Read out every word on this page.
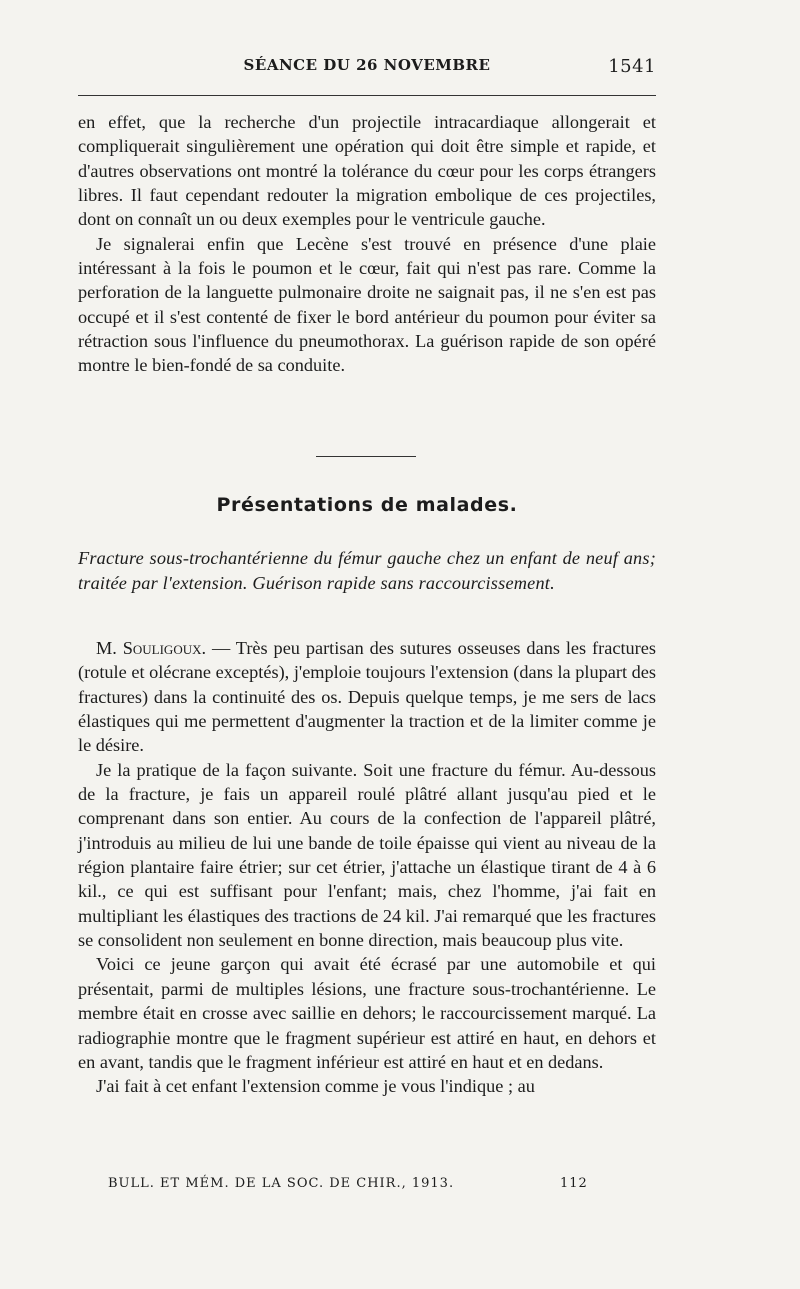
SÉANCE DU 26 NOVEMBRE	1541

en effet, que la recherche d'un projectile intracardiaque allongerait et compliquerait singulièrement une opération qui doit être simple et rapide, et d'autres observations ont montré la tolérance du cœur pour les corps étrangers libres. Il faut cependant redouter la migration embolique de ces projectiles, dont on connaît un ou deux exemples pour le ventricule gauche.

Je signalerai enfin que Lecène s'est trouvé en présence d'une plaie intéressant à la fois le poumon et le cœur, fait qui n'est pas rare. Comme la perforation de la languette pulmonaire droite ne saignait pas, il ne s'en est pas occupé et il s'est contenté de fixer le bord antérieur du poumon pour éviter sa rétraction sous l'influence du pneumothorax. La guérison rapide de son opéré montre le bien-fondé de sa conduite.

Présentations de malades.
Fracture sous-trochantérienne du fémur gauche chez un enfant de neuf ans; traitée par l'extension. Guérison rapide sans raccourcissement.

M. Souligoux. — Très peu partisan des sutures osseuses dans les fractures (rotule et olécrane exceptés), j'emploie toujours l'extension (dans la plupart des fractures) dans la continuité des os. Depuis quelque temps, je me sers de lacs élastiques qui me permettent d'augmenter la traction et de la limiter comme je le désire.

Je la pratique de la façon suivante. Soit une fracture du fémur. Au-dessous de la fracture, je fais un appareil roulé plâtré allant jusqu'au pied et le comprenant dans son entier. Au cours de la confection de l'appareil plâtré, j'introduis au milieu de lui une bande de toile épaisse qui vient au niveau de la région plantaire faire étrier; sur cet étrier, j'attache un élastique tirant de 4 à 6 kil., ce qui est suffisant pour l'enfant; mais, chez l'homme, j'ai fait en multipliant les élastiques des tractions de 24 kil. J'ai remarqué que les fractures se consolident non seulement en bonne direction, mais beaucoup plus vite.

Voici ce jeune garçon qui avait été écrasé par une automobile et qui présentait, parmi de multiples lésions, une fracture sous-trochantérienne. Le membre était en crosse avec saillie en dehors; le raccourcissement marqué. La radiographie montre que le fragment supérieur est attiré en haut, en dehors et en avant, tandis que le fragment inférieur est attiré en haut et en dedans.

J'ai fait à cet enfant l'extension comme je vous l'indique ; au

BULL. ET MÉM. DE LA SOC. DE CHIR., 1913.	112
